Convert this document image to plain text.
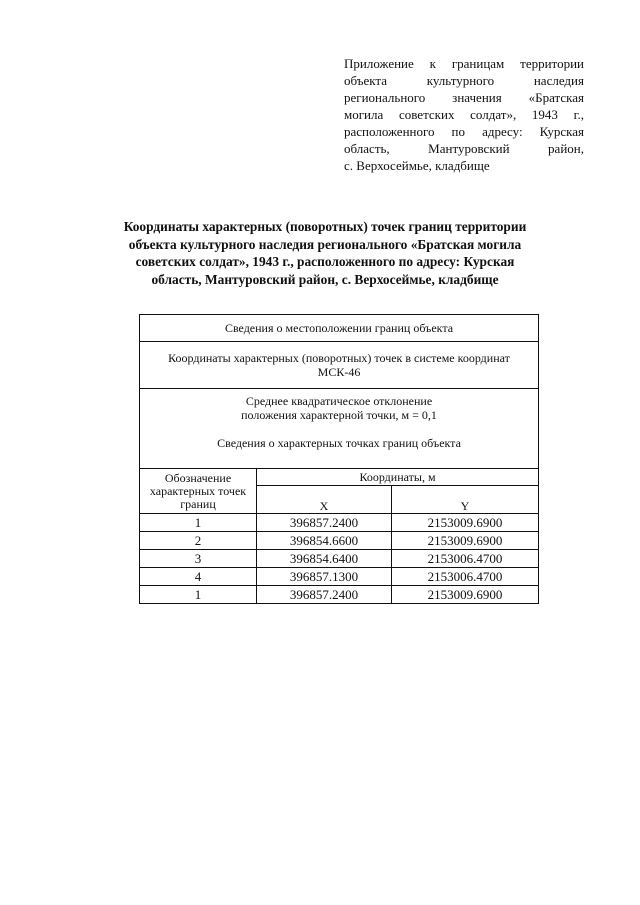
Приложение к границам территории
объекта культурного наследия
регионального значения «Братская
могила советских солдат», 1943 г.,
расположенного по адресу: Курская
область, Мантуровский район,
с. Верхосеймье, кладбище
Координаты характерных (поворотных) точек границ территории
объекта культурного наследия регионального «Братская могила
советских солдат», 1943 г., расположенного по адресу: Курская
область, Мантуровский район, с. Верхосеймье, кладбище
Сведения о местоположении границ объекта		

Координаты характерных (поворотных) точек в системе координат
МСК-46		

Среднее квадратическое отклонение
положения характерной точки, м = 0,1
Сведения о характерных точках границ объекта		

Обозначение
характерных точек
границ	Координаты, м	
	X	Y
1	396857.2400	2153009.6900
2	396854.6600	2153009.6900
3	396854.6400	2153006.4700
4	396857.1300	2153006.4700
1	396857.2400	2153009.6900
